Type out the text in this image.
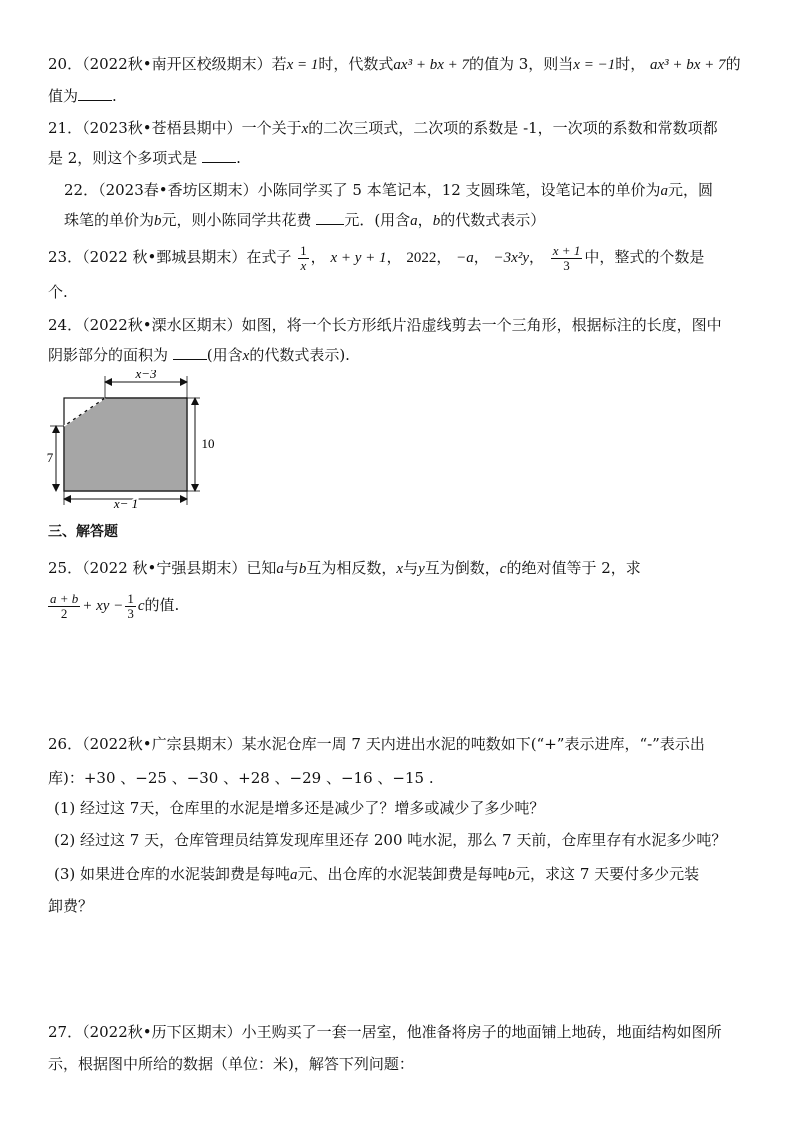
20．（2022秋•南开区校级期末）若x = 1时，代数式ax³ + bx + 7的值为 3，则当x = −1时， ax³ + bx + 7的
值为 .
21．（2023秋•苍梧县期中）一个关于x的二次三项式，二次项的系数是 -1，一次项的系数和常数项都
是 2，则这个多项式是	.
22．（2023春•香坊区期末）小陈同学买了 5 本笔记本，12 支圆珠笔，设笔记本的单价为a元，圆
珠笔的单价为b元，则小陈同学共花费 元．(用含a，b的代数式表示）
23．（2022 秋•鄄城县期末）在式子 $\frac{1}{x}$ ， x + y + 1， 2022， −a， −3x²y， $\frac{x + 1}{3}$ 中，整式的个数是
个.
24．（2022秋•溧水区期末）如图，将一个长方形纸片沿虚线剪去一个三角形，根据标注的长度，图中
阴影部分的面积为	(用含x的代数式表示).
x−3
7
10
x− 1
三、解答题
25．（2022 秋•宁强县期末）已知a与b互为相反数，x与y互为倒数，c的绝对值等于 2，求
$\frac{a + b}{2}$ + xy − $\frac{1}{3}$ c的值.
26．（2022秋•广宗县期末）某水泥仓库一周 7 天内进出水泥的吨数如下(“+”表示进库，“-”表示出
库)：+30 、−25 、−30 、+28 、−29 、−16 、−15 .
(1) 经过这 7天，仓库里的水泥是增多还是减少了？增多或减少了多少吨？
(2) 经过这 7 天，仓库管理员结算发现库里还存 200 吨水泥，那么 7 天前，仓库里存有水泥多少吨？
(3) 如果进仓库的水泥装卸费是每吨a元、出仓库的水泥装卸费是每吨b元，求这 7 天要付多少元装
卸费？
27．（2022秋•历下区期末）小王购买了一套一居室，他准备将房子的地面铺上地砖，地面结构如图所
示，根据图中所给的数据（单位：米)，解答下列问题：
